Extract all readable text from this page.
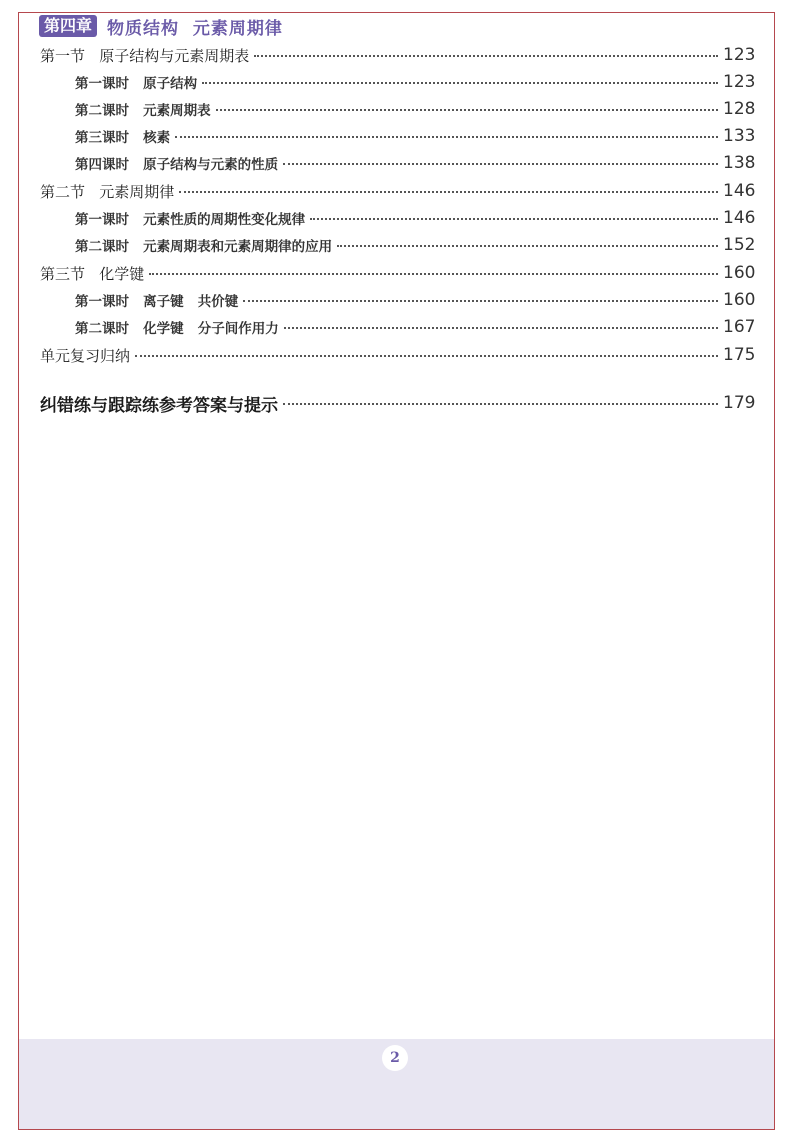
第四章 物质结构  元素周期律
第一节   原子结构与元素周期表	123
第一课时   原子结构	123
第二课时   元素周期表	128
第三课时   核素	133
第四课时   原子结构与元素的性质	138
第二节   元素周期律	146
第一课时   元素性质的周期性变化规律	146
第二课时   元素周期表和元素周期律的应用	152
第三节   化学键	160
第一课时   离子键   共价键	160
第二课时   化学键   分子间作用力	167
单元复习归纳	175
纠错练与跟踪练参考答案与提示	179
2
